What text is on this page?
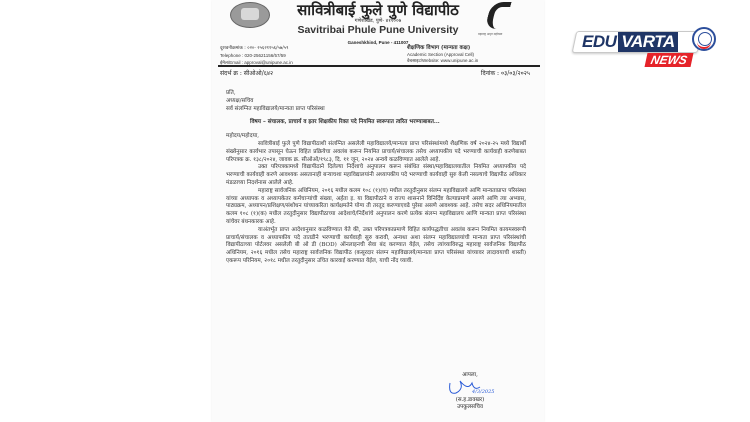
सावित्रीबाई फुले पुणे विद्यापीठ
गणेशखिंड, पुणे- ४११००७
Savitribai Phule Pune University
Ganeshkhind, Pune - 411007
महाराष्ट्र अमृत महोत्सव
दूरध्वनीक्रमांक : ०२०- २५६२११५६/५७/५९
Telephone : 020-25621156/57/59
ईमेल/Email : approval@unipune.ac.in
शैक्षणिक विभाग (मान्यता कक्ष)
Academic Section (Approval Cell)
वेबसाइट/Website: www.unipune.ac.in
संदर्भ क्र : सीओओ/६४२	दिनांक : ०३/०३/२०२५

प्रति,

अध्यक्ष/सचिव

सर्व संलग्नित महाविद्यालये/मान्यता प्राप्त परिसंस्था

विषय – संचालक, प्राचार्य व इतर शिक्षकीय रिक्त पदे नियमित स्वरूपात त्वरित भरण्याबाबत...

महोदय/महोदया,

सावित्रीबाई फुले पुणे विद्यापीठाशी संलग्नित असलेली महाविद्यालये/मान्यता प्राप्त परिसंस्थांमध्ये शैक्षणिक वर्ष २०२४-२५ मध्ये विद्यार्थी संख्येनुसार कार्यभार तपासून घेऊन विहित प्रक्रियेचा अवलंब करून नियमित प्राचार्य/संचालक तसेच अध्यापकीय पदे भरण्याची कार्यवाही करणेबाबत परिपत्रक क्र. १३८/२०२४, जावक क्र. सीओओ/१९८३, दि. ११ जून, २०२४ अन्वये कळविण्यात आलेले आहे.

उक्त परिपत्रकामध्ये विद्यापीठाने दिलेल्या निर्देशाचे अनुपालन करून संबंधित संस्था/महाविद्यालयातील नियमित अध्यापकीय पदे भरण्याची कार्यवाही करणे आवश्यक असतानाही बऱ्याचशा महाविद्यालयांनी अध्यापकीय पदे भरण्याची कार्यवाही सुरु केली नसल्याचे विद्यापीठ अधिकार मंडळाच्या निदर्शनास आलेले आहे.

महाराष्ट्र सार्वजनिक अधिनियम, २०१६ मधील कलम १०८ (१)(घ) मधील तरतुदीनुसार संलग्न महाविद्यालये आणि मान्यताप्राप्त परिसंस्था यांच्या अध्यापक व अध्यापकेतर कर्मचाऱ्यांची संख्या, अर्हता इ. या विद्यापीठाने व राज्य शासनाने विनिर्दिष्ट केल्याप्रमाणे असणे आणि त्या अभ्यास, पाठ्यक्रम, अध्यापन/प्रशिक्षण/संशोधन यांच्याकरिता कार्यक्षमतेने योग्य ती तरतूद करण्याएवढे पुरेसा असणे आवश्यक आहे. तसेच सदर अधिनियमातील कलम १०८ (१)(क) मधील तरतुदीनुसार विद्यापीठाच्या आदेशाचे/निर्देशांचे अनुपालन करणे प्रत्येक संलग्न महाविद्यालय आणि मान्यता प्राप्त परिसंस्था यांचेवर बंधनकारक आहे.

याअंतर्भूत प्राप्त आदेशानुसार कळविण्यात येते की, उक्त परिपत्रकाप्रमाणे विहित कार्यपद्धतीचा अवलंब करून नियमित कायमस्वरूपी प्राचार्य/संचालक व अध्यापकीय पदे तातडीने भरण्याची कार्यवाही सुरु करावी, अन्यथा अशा संलग्न महाविद्यालयांची मान्यता प्राप्त परिसंस्थांची विद्यापीठाच्या पोर्टलवर असलेली बी ओ डी (BOD) ऑनलाइनची सेवा बंद करण्यात येईल, तसेच त्यांच्याविरुद्ध महाराष्ट्र सार्वजनिक विद्यापीठ अधिनियम, २०१६ मधील तसेच महाराष्ट्र सार्वजनिक विद्यापीठ (कसूरदार संलग्न महाविद्यालये/मान्यता प्राप्त परिसंस्था यांच्यावर लादावयाची शास्ती) एकरूप परिनियम, २०१८ मधील तरतुदीनुसार उचित कारवाई करण्यात येईल, याची नोंद घ्यावी.

आपला,
4/3/2025
(स.ह.डावखर)
उपकुलसचिव
EDU VARTA
NEWS
